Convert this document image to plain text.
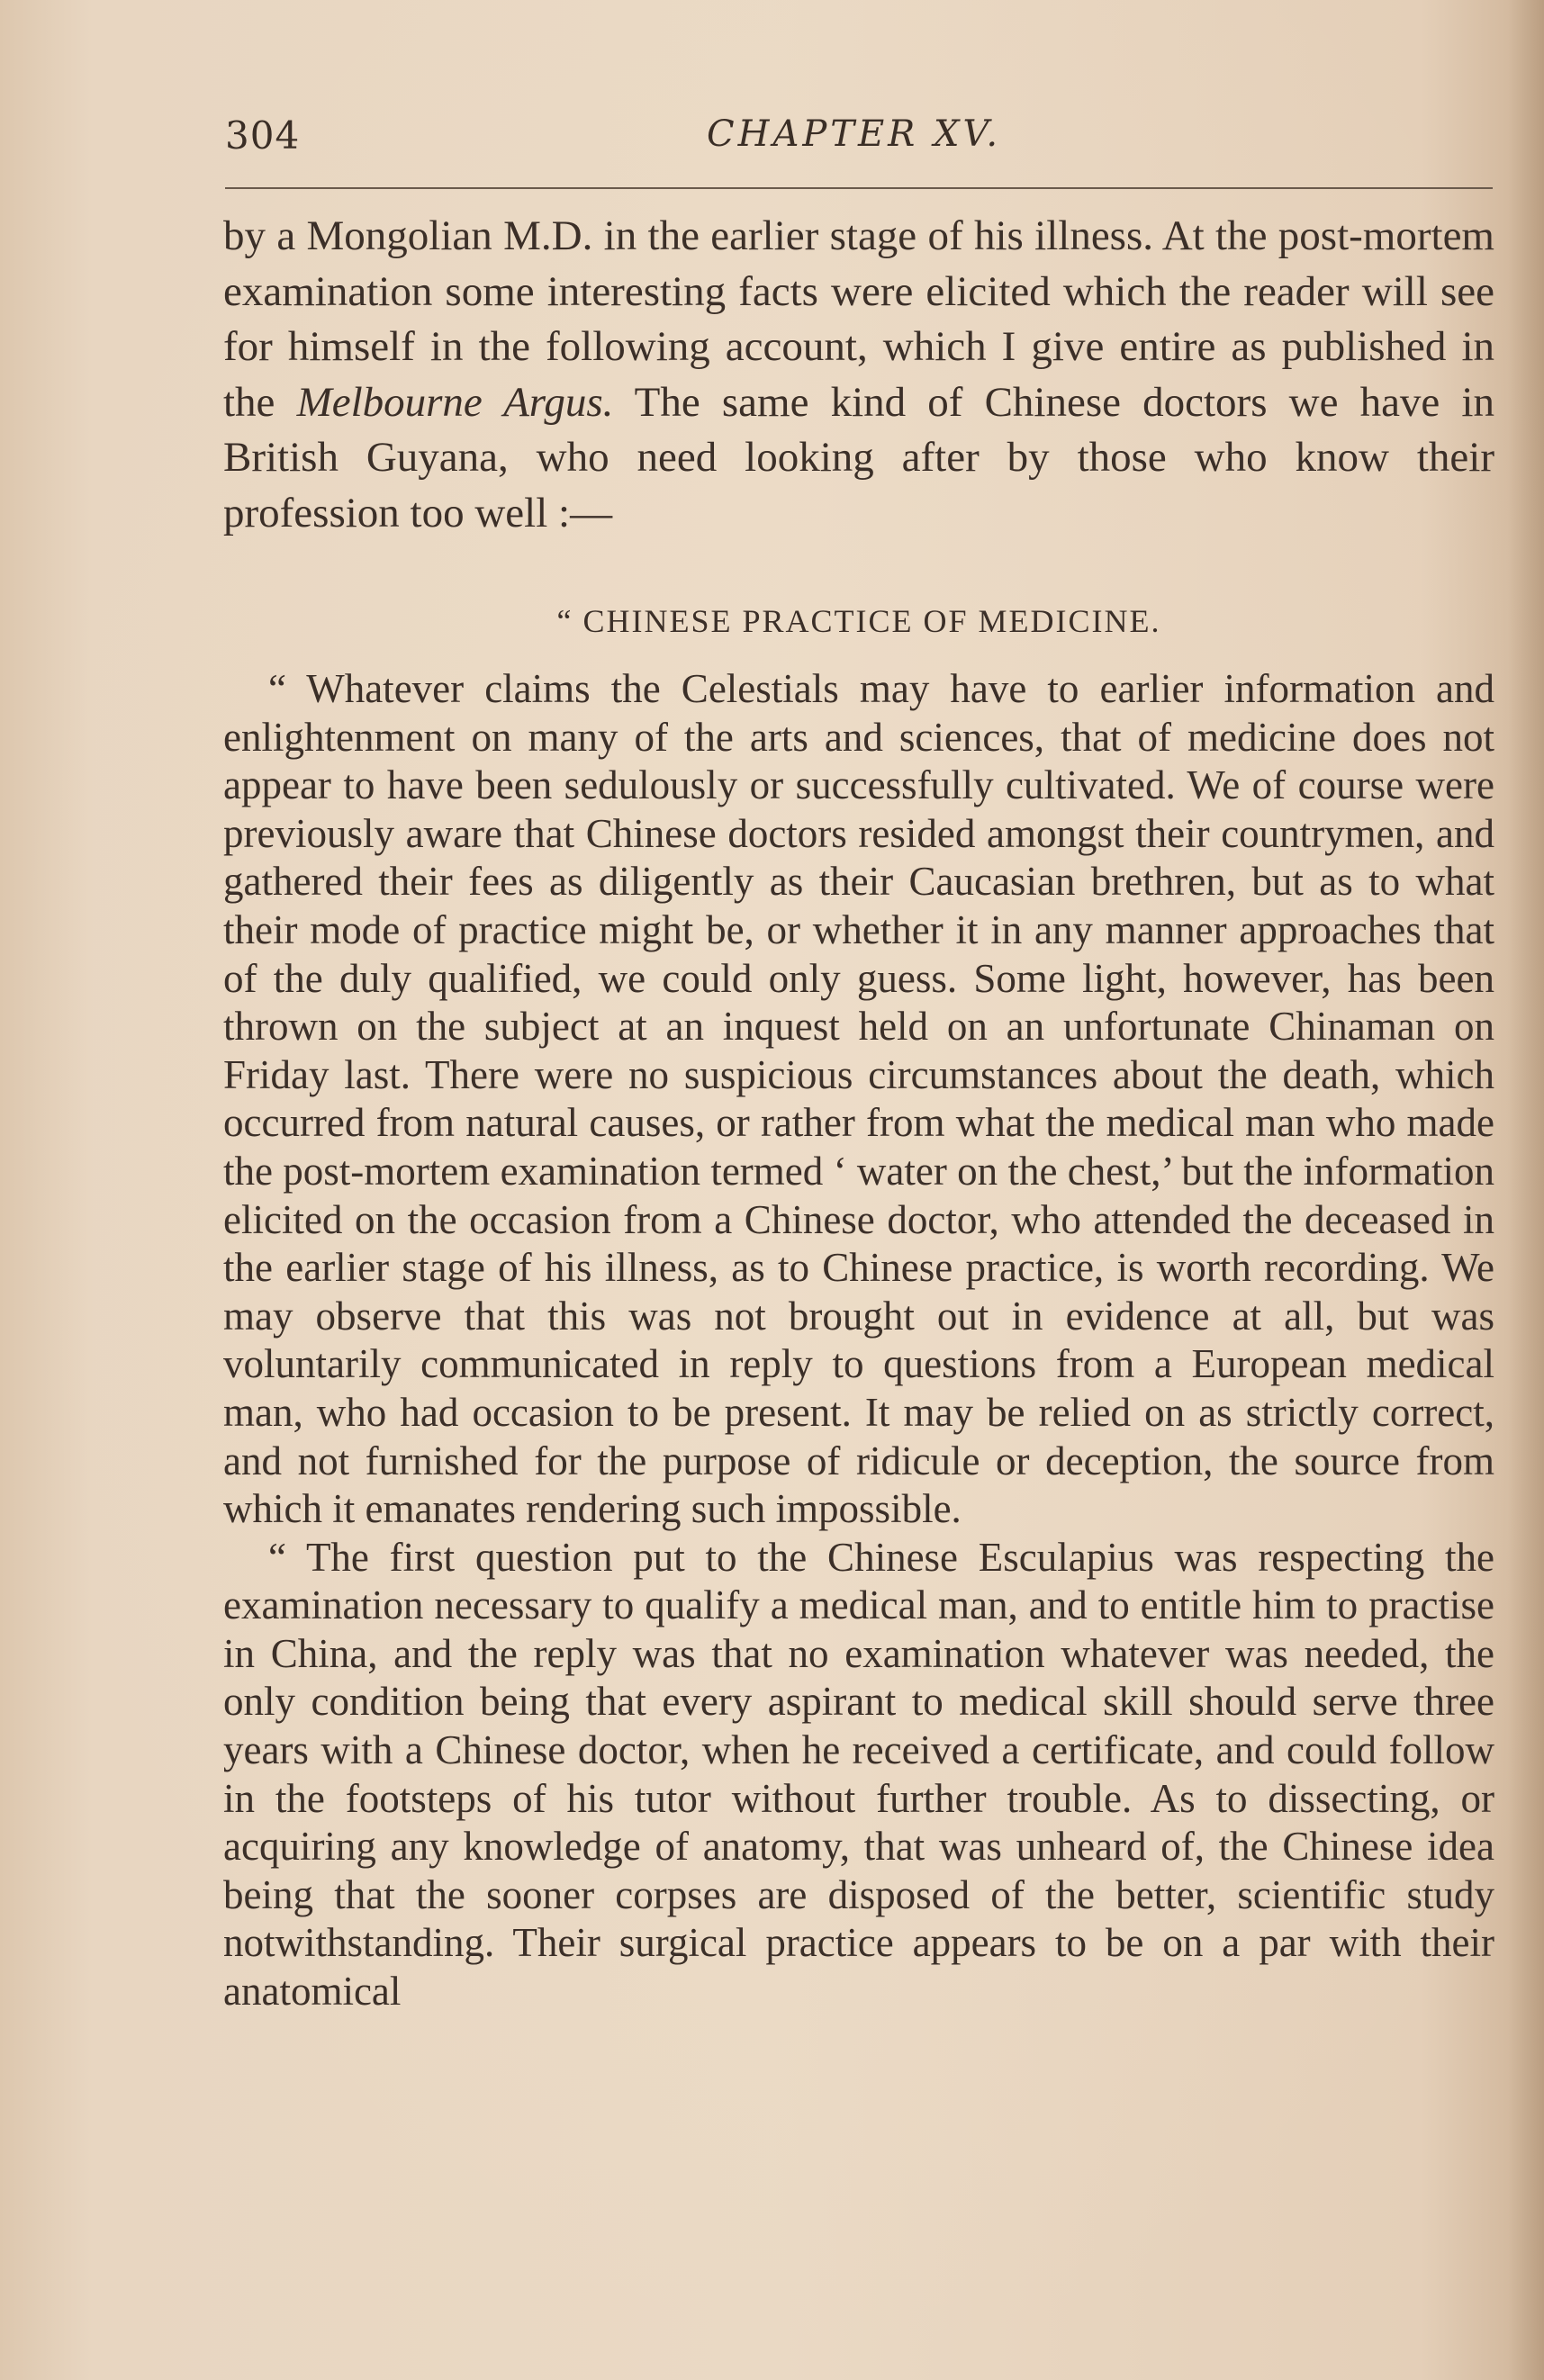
304	CHAPTER XV.

by a Mongolian M.D. in the earlier stage of his illness. At the post-mortem examination some interesting facts were elicited which the reader will see for himself in the following account, which I give entire as published in the Melbourne Argus. The same kind of Chinese doctors we have in British Guyana, who need looking after by those who know their profession too well :—

“ CHINESE PRACTICE OF MEDICINE.

“ Whatever claims the Celestials may have to earlier information and enlightenment on many of the arts and sciences, that of medicine does not appear to have been sedulously or successfully cultivated. We of course were previously aware that Chinese doctors resided amongst their countrymen, and gathered their fees as diligently as their Caucasian brethren, but as to what their mode of practice might be, or whether it in any manner approaches that of the duly qualified, we could only guess. Some light, however, has been thrown on the subject at an inquest held on an unfortunate Chinaman on Friday last. There were no suspicious circumstances about the death, which occurred from natural causes, or rather from what the medical man who made the post-mortem examination termed ‘ water on the chest,’ but the information elicited on the occasion from a Chinese doctor, who attended the deceased in the earlier stage of his illness, as to Chinese practice, is worth recording. We may observe that this was not brought out in evidence at all, but was voluntarily communicated in reply to questions from a European medical man, who had occasion to be present. It may be relied on as strictly correct, and not furnished for the purpose of ridicule or deception, the source from which it emanates rendering such impossible.

“ The first question put to the Chinese Esculapius was respecting the examination necessary to qualify a medical man, and to entitle him to practise in China, and the reply was that no examination whatever was needed, the only condition being that every aspirant to medical skill should serve three years with a Chinese doctor, when he received a certificate, and could follow in the footsteps of his tutor without further trouble. As to dissecting, or acquiring any knowledge of anatomy, that was unheard of, the Chinese idea being that the sooner corpses are disposed of the better, scientific study notwithstanding. Their surgical practice appears to be on a par with their anatomical
